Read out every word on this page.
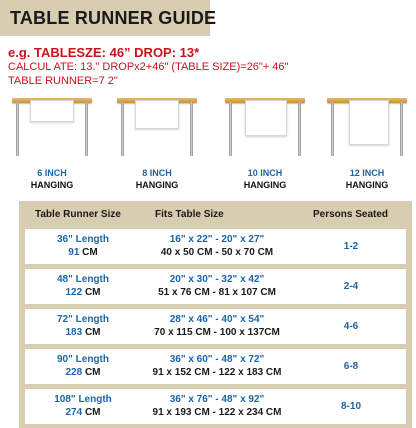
TABLE RUNNER GUIDE
e.g. TABLESZE: 46” DROP: 13*
CALCUL ATE: 13." DROPx2+46" (TABLE SIZE)=26"+ 46"
TABLE RUNNER=7 2"
6 INCH
HANGING
8 INCH
HANGING
10 INCH
HANGING
12 INCH
HANGING
Table Runner Size	Fits Table Size	Persons Seated
36" Length
91 CM
16" x 22" - 20" x 27"
40 x 50 CM - 50 x 70 CM
1-2
48" Length
122 CM
20" x 30" - 32" x 42"
51 x 76 CM - 81 x 107 CM
2-4
72" Length
183 CM
28" x 46" - 40" x 54"
70 x 115 CM - 100 x 137CM
4-6
90" Length
228 CM
36" x 60" - 48" x 72"
91 x 152 CM - 122 x 183 CM
6-8
108" Length
274 CM
36" x 76" - 48" x 92"
91 x 193 CM - 122 x 234 CM
8-10
